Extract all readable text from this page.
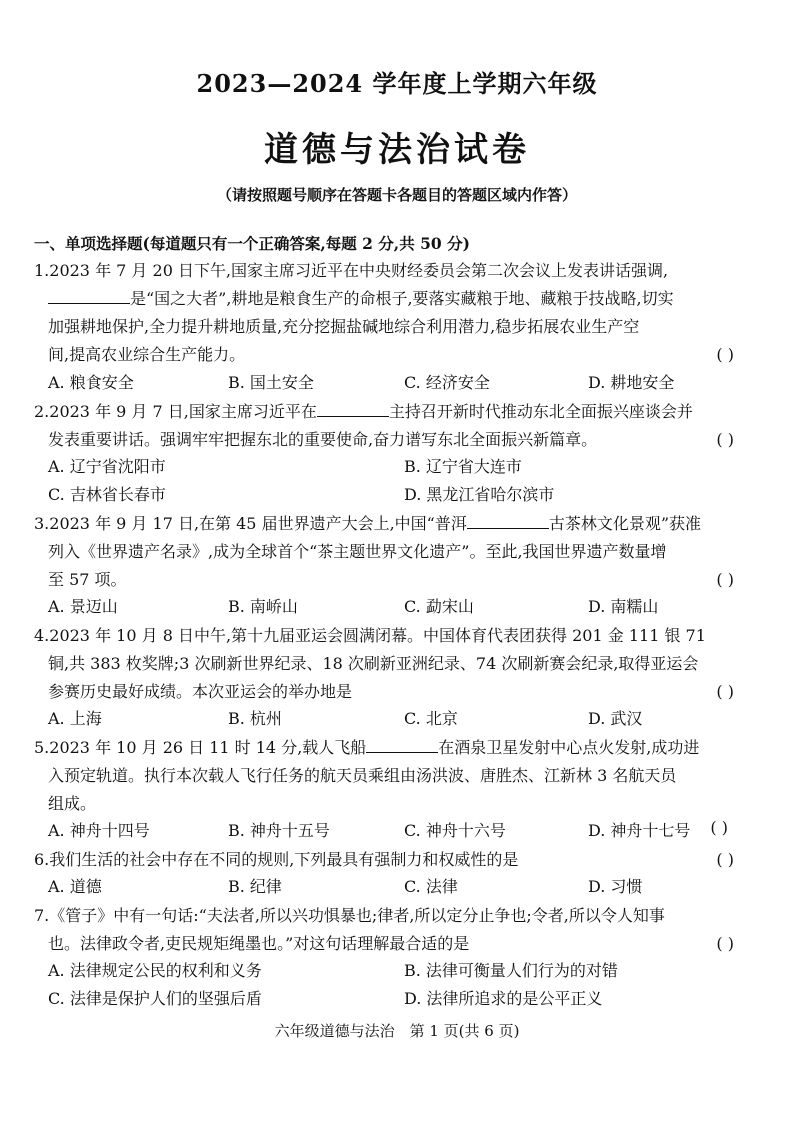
2023—2024 学年度上学期六年级
道德与法治试卷
（请按照题号顺序在答题卡各题目的答题区域内作答）
一、单项选择题(每道题只有一个正确答案,每题 2 分,共 50 分)
1.2023 年 7 月 20 日下午,国家主席习近平在中央财经委员会第二次会议上发表讲话强调,
是“国之大者”,耕地是粮食生产的命根子,要落实藏粮于地、藏粮于技战略,切实
加强耕地保护,全力提升耕地质量,充分挖掘盐碱地综合利用潜力,稳步拓展农业生产空
间,提高农业综合生产能力。	( )
A. 粮食安全	B. 国土安全	C. 经济安全	D. 耕地安全
2.2023 年 9 月 7 日,国家主席习近平在	主持召开新时代推动东北全面振兴座谈会并
发表重要讲话。强调牢牢把握东北的重要使命,奋力谱写东北全面振兴新篇章。	( )
A. 辽宁省沈阳市	B. 辽宁省大连市
C. 吉林省长春市	D. 黑龙江省哈尔滨市
3.2023 年 9 月 17 日,在第 45 届世界遗产大会上,中国“普洱	古茶林文化景观”获准
列入《世界遗产名录》,成为全球首个“茶主题世界文化遗产”。至此,我国世界遗产数量增
至 57 项。	( )
A. 景迈山	B. 南峤山	C. 勐宋山	D. 南糯山
4.2023 年 10 月 8 日中午,第十九届亚运会圆满闭幕。中国体育代表团获得 201 金 111 银 71
铜,共 383 枚奖牌;3 次刷新世界纪录、18 次刷新亚洲纪录、74 次刷新赛会纪录,取得亚运会
参赛历史最好成绩。本次亚运会的举办地是	( )
A. 上海	B. 杭州	C. 北京	D. 武汉
5.2023 年 10 月 26 日 11 时 14 分,载人飞船	在酒泉卫星发射中心点火发射,成功进
入预定轨道。执行本次载人飞行任务的航天员乘组由汤洪波、唐胜杰、江新林 3 名航天员
组成。
A. 神舟十四号	B. 神舟十五号	C. 神舟十六号	D. 神舟十七号 ( )
6.我们生活的社会中存在不同的规则,下列最具有强制力和权威性的是	( )
A. 道德	B. 纪律	C. 法律	D. 习惯
7.《管子》中有一句话:“夫法者,所以兴功惧暴也;律者,所以定分止争也;令者,所以令人知事
也。法律政令者,吏民规矩绳墨也。”对这句话理解最合适的是	( )
A. 法律规定公民的权利和义务	B. 法律可衡量人们行为的对错
C. 法律是保护人们的坚强后盾	D. 法律所追求的是公平正义
六年级道德与法治　第 1 页(共 6 页)
